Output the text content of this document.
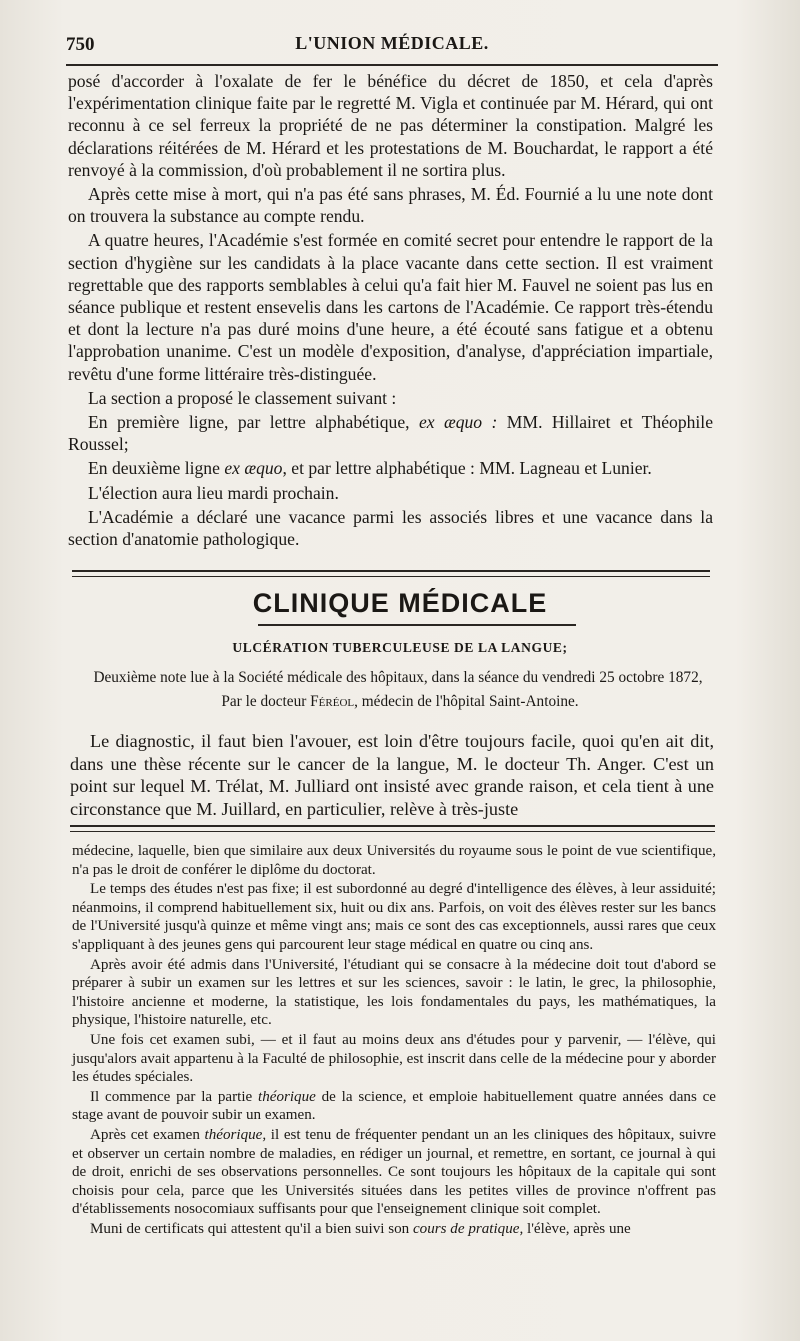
750	L'UNION MÉDICALE.

posé d'accorder à l'oxalate de fer le bénéfice du décret de 1850, et cela d'après l'expérimentation clinique faite par le regretté M. Vigla et continuée par M. Hérard, qui ont reconnu à ce sel ferreux la propriété de ne pas déterminer la constipation. Malgré les déclarations réitérées de M. Hérard et les protestations de M. Bouchardat, le rapport a été renvoyé à la commission, d'où probablement il ne sortira plus.

Après cette mise à mort, qui n'a pas été sans phrases, M. Éd. Fournié a lu une note dont on trouvera la substance au compte rendu.

A quatre heures, l'Académie s'est formée en comité secret pour entendre le rapport de la section d'hygiène sur les candidats à la place vacante dans cette section. Il est vraiment regrettable que des rapports semblables à celui qu'a fait hier M. Fauvel ne soient pas lus en séance publique et restent ensevelis dans les cartons de l'Académie. Ce rapport très-étendu et dont la lecture n'a pas duré moins d'une heure, a été écouté sans fatigue et a obtenu l'approbation unanime. C'est un modèle d'exposition, d'analyse, d'appréciation impartiale, revêtu d'une forme littéraire très-distinguée.

La section a proposé le classement suivant :

En première ligne, par lettre alphabétique, ex æquo : MM. Hillairet et Théophile Roussel;

En deuxième ligne ex æquo, et par lettre alphabétique : MM. Lagneau et Lunier.

L'élection aura lieu mardi prochain.

L'Académie a déclaré une vacance parmi les associés libres et une vacance dans la section d'anatomie pathologique.

CLINIQUE MÉDICALE
ULCÉRATION TUBERCULEUSE DE LA LANGUE;
Deuxième note lue à la Société médicale des hôpitaux, dans la séance du vendredi 25 octobre 1872,
Par le docteur Féréol, médecin de l'hôpital Saint-Antoine.

Le diagnostic, il faut bien l'avouer, est loin d'être toujours facile, quoi qu'en ait dit, dans une thèse récente sur le cancer de la langue, M. le docteur Th. Anger. C'est un point sur lequel M. Trélat, M. Julliard ont insisté avec grande raison, et cela tient à une circonstance que M. Juillard, en particulier, relève à très-juste

médecine, laquelle, bien que similaire aux deux Universités du royaume sous le point de vue scientifique, n'a pas le droit de conférer le diplôme du doctorat.

Le temps des études n'est pas fixe; il est subordonné au degré d'intelligence des élèves, à leur assiduité; néanmoins, il comprend habituellement six, huit ou dix ans. Parfois, on voit des élèves rester sur les bancs de l'Université jusqu'à quinze et même vingt ans; mais ce sont des cas exceptionnels, aussi rares que ceux s'appliquant à des jeunes gens qui parcourent leur stage médical en quatre ou cinq ans.

Après avoir été admis dans l'Université, l'étudiant qui se consacre à la médecine doit tout d'abord se préparer à subir un examen sur les lettres et sur les sciences, savoir : le latin, le grec, la philosophie, l'histoire ancienne et moderne, la statistique, les lois fondamentales du pays, les mathématiques, la physique, l'histoire naturelle, etc.

Une fois cet examen subi, — et il faut au moins deux ans d'études pour y parvenir, — l'élève, qui jusqu'alors avait appartenu à la Faculté de philosophie, est inscrit dans celle de la médecine pour y aborder les études spéciales.

Il commence par la partie théorique de la science, et emploie habituellement quatre années dans ce stage avant de pouvoir subir un examen.

Après cet examen théorique, il est tenu de fréquenter pendant un an les cliniques des hôpitaux, suivre et observer un certain nombre de maladies, en rédiger un journal, et remettre, en sortant, ce journal à qui de droit, enrichi de ses observations personnelles. Ce sont toujours les hôpitaux de la capitale qui sont choisis pour cela, parce que les Universités situées dans les petites villes de province n'offrent pas d'établissements nosocomiaux suffisants pour que l'enseignement clinique soit complet.

Muni de certificats qui attestent qu'il a bien suivi son cours de pratique, l'élève, après une
